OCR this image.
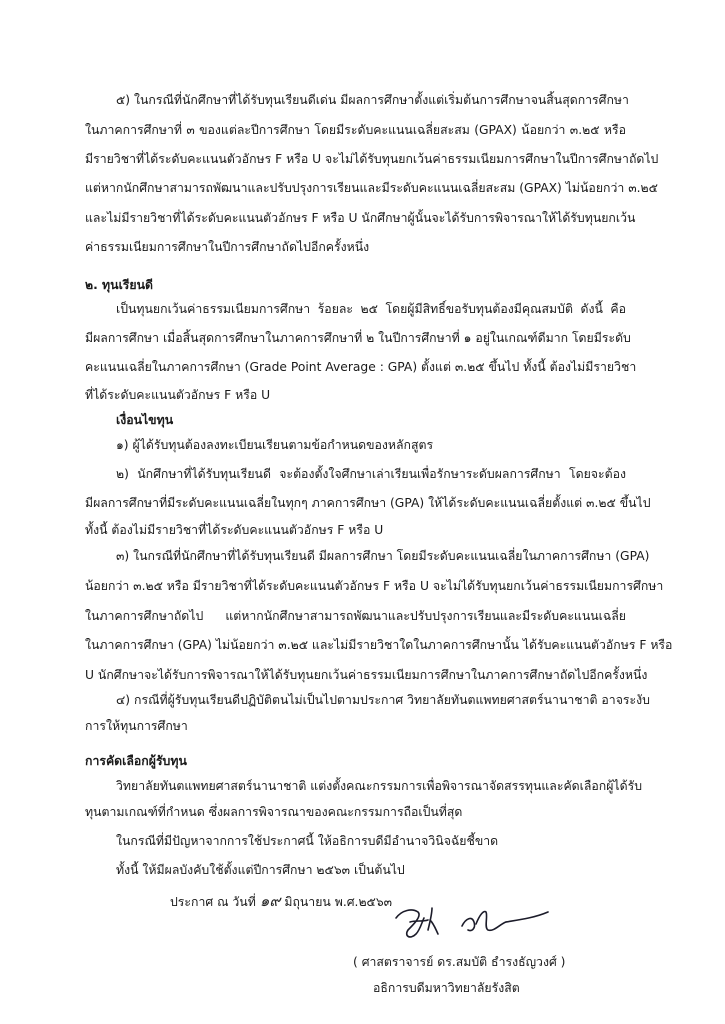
๕) ในกรณีที่นักศึกษาที่ได้รับทุนเรียนดีเด่น มีผลการศึกษาตั้งแต่เริ่มต้นการศึกษาจนสิ้นสุดการศึกษา
ในภาคการศึกษาที่ ๓ ของแต่ละปีการศึกษา โดยมีระดับคะแนนเฉลี่ยสะสม (GPAX) น้อยกว่า ๓.๒๕ หรือ
มีรายวิชาที่ได้ระดับคะแนนตัวอักษร F หรือ U จะไม่ได้รับทุนยกเว้นค่าธรรมเนียมการศึกษาในปีการศึกษาถัดไป
แต่หากนักศึกษาสามารถพัฒนาและปรับปรุงการเรียนและมีระดับคะแนนเฉลี่ยสะสม (GPAX) ไม่น้อยกว่า ๓.๒๕
และไม่มีรายวิชาที่ได้ระดับคะแนนตัวอักษร F หรือ U นักศึกษาผู้นั้นจะได้รับการพิจารณาให้ได้รับทุนยกเว้น
ค่าธรรมเนียมการศึกษาในปีการศึกษาถัดไปอีกครั้งหนึ่ง
๒. ทุนเรียนดี
เป็นทุนยกเว้นค่าธรรมเนียมการศึกษา ร้อยละ ๒๕ โดยผู้มีสิทธิ์ขอรับทุนต้องมีคุณสมบัติ ดังนี้ คือ
มีผลการศึกษา เมื่อสิ้นสุดการศึกษาในภาคการศึกษาที่ ๒ ในปีการศึกษาที่ ๑ อยู่ในเกณฑ์ดีมาก โดยมีระดับ
คะแนนเฉลี่ยในภาคการศึกษา (Grade Point Average : GPA) ตั้งแต่ ๓.๒๕ ขึ้นไป ทั้งนี้ ต้องไม่มีรายวิชา
ที่ได้ระดับคะแนนตัวอักษร F หรือ U
เงื่อนไขทุน
๑) ผู้ได้รับทุนต้องลงทะเบียนเรียนตามข้อกำหนดของหลักสูตร
๒) นักศึกษาที่ได้รับทุนเรียนดี จะต้องตั้งใจศึกษาเล่าเรียนเพื่อรักษาระดับผลการศึกษา โดยจะต้อง
มีผลการศึกษาที่มีระดับคะแนนเฉลี่ยในทุกๆ ภาคการศึกษา (GPA) ให้ได้ระดับคะแนนเฉลี่ยตั้งแต่ ๓.๒๕ ขึ้นไป
ทั้งนี้ ต้องไม่มีรายวิชาที่ได้ระดับคะแนนตัวอักษร F หรือ U
๓) ในกรณีที่นักศึกษาที่ได้รับทุนเรียนดี มีผลการศึกษา โดยมีระดับคะแนนเฉลี่ยในภาคการศึกษา (GPA)
น้อยกว่า ๓.๒๕ หรือ มีรายวิชาที่ได้ระดับคะแนนตัวอักษร F หรือ U จะไม่ได้รับทุนยกเว้นค่าธรรมเนียมการศึกษา
ในภาคการศึกษาถัดไป แต่หากนักศึกษาสามารถพัฒนาและปรับปรุงการเรียนและมีระดับคะแนนเฉลี่ย
ในภาคการศึกษา (GPA) ไม่น้อยกว่า ๓.๒๕ และไม่มีรายวิชาใดในภาคการศึกษานั้น ได้รับคะแนนตัวอักษร F หรือ
U นักศึกษาจะได้รับการพิจารณาให้ได้รับทุนยกเว้นค่าธรรมเนียมการศึกษาในภาคการศึกษาถัดไปอีกครั้งหนึ่ง
๔) กรณีที่ผู้รับทุนเรียนดีปฏิบัติตนไม่เป็นไปตามประกาศ วิทยาลัยทันตแพทยศาสตร์นานาชาติ อาจระงับ
การให้ทุนการศึกษา
การคัดเลือกผู้รับทุน
วิทยาลัยทันตแพทยศาสตร์นานาชาติ แต่งตั้งคณะกรรมการเพื่อพิจารณาจัดสรรทุนและคัดเลือกผู้ได้รับ
ทุนตามเกณฑ์ที่กำหนด ซึ่งผลการพิจารณาของคณะกรรมการถือเป็นที่สุด
ในกรณีที่มีปัญหาจากการใช้ประกาศนี้ ให้อธิการบดีมีอำนาจวินิจฉัยชี้ขาด
ทั้งนี้ ให้มีผลบังคับใช้ตั้งแต่ปีการศึกษา ๒๕๖๓ เป็นต้นไป
ประกาศ ณ วันที่ ๑๙ มิถุนายน พ.ศ.๒๕๖๓
( ศาสตราจารย์ ดร.สมบัติ ธำรงธัญวงศ์ )
อธิการบดีมหาวิทยาลัยรังสิต
